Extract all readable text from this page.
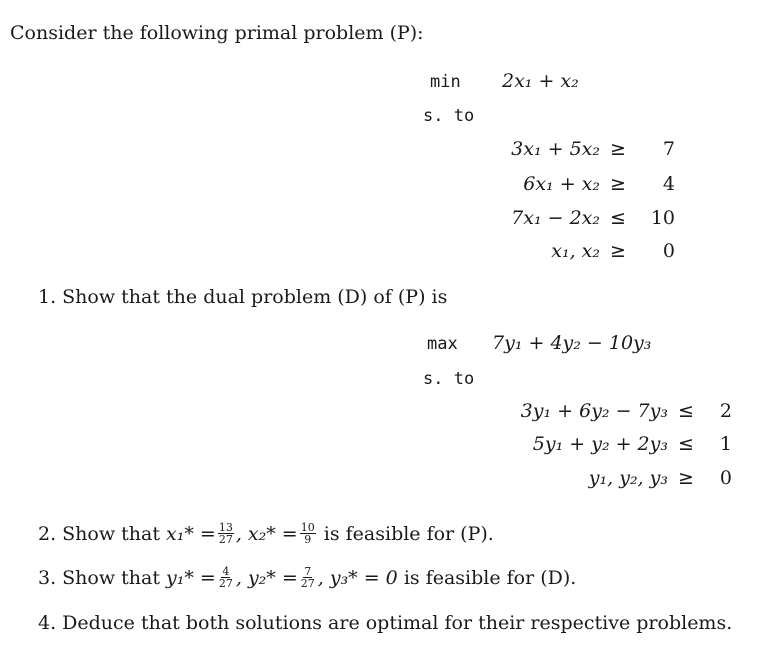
Consider the following primal problem (P):
min 2x₁ + x₂
s. to
3x₁ + 5x₂ ≥	7
6x₁ + x₂ ≥	4
7x₁ − 2x₂ ≤	10
x₁, x₂ ≥	0
1. Show that the dual problem (D) of (P) is
max 7y₁ + 4y₂ − 10y₃
s. to
3y₁ + 6y₂ − 7y₃ ≤	2
5y₁ + y₂ + 2y₃ ≤	1
y₁, y₂, y₃ ≥	0
2. Show that
$x_1* = \frac{13}{27}$ , $x_2* = \frac{10}{9}$
is feasible for (P).
3. Show that
$y_1* = \frac{4}{27}$ , $y_2* = \frac{7}{27}$ , y₃* = 0
is feasible for (D).
4. Deduce that both solutions are optimal for their respective problems.
